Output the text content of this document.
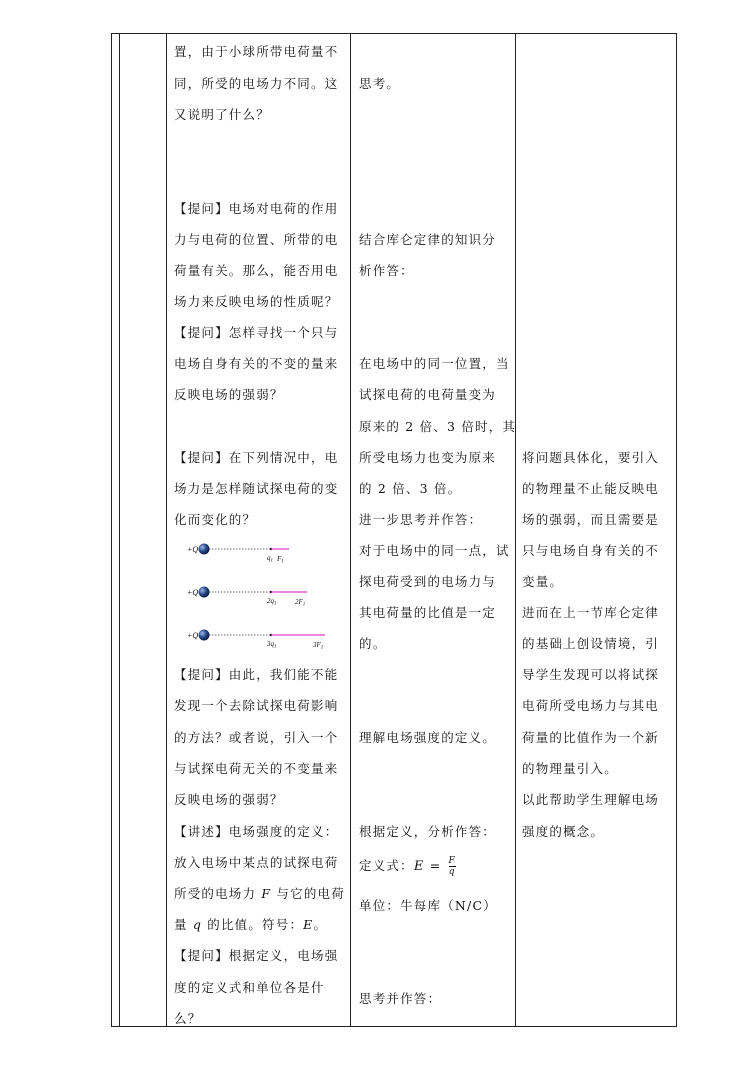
置，由于小球所带电荷量不
同，所受的电场力不同。这
又说明了什么？
【提问】电场对电荷的作用
力与电荷的位置、所带的电
荷量有关。那么，能否用电
场力来反映电场的性质呢？
【提问】怎样寻找一个只与
电场自身有关的不变的量来
反映电场的强弱？
【提问】在下列情况中，电
场力是怎样随试探电荷的变
化而变化的？
【提问】由此，我们能不能
发现一个去除试探电荷影响
的方法？或者说，引入一个
与试探电荷无关的不变量来
反映电场的强弱？
【讲述】电场强度的定义：
放入电场中某点的试探电荷
所受的电场力 F 与它的电荷
量 q 的比值。符号：E。
【提问】根据定义，电场强
度的定义式和单位各是什
么？
+Q
$q_1$ $F_1$
+Q
$2q_1$	$2F_1$
+Q
$3q_1$	$3F_1$
思考。
结合库仑定律的知识分
析作答：
在电场中的同一位置，当
试探电荷的电荷量变为
原来的 2 倍、3 倍时，其
所受电场力也变为原来
的 2 倍、3 倍。
进一步思考并作答：
对于电场中的同一点，试
探电荷受到的电场力与
其电荷量的比值是一定
的。
理解电场强度的定义。
根据定义，分析作答：
定义式：$E = \frac{F}{q}$
单位：牛每库（N/C）
思考并作答：
将问题具体化，要引入
的物理量不止能反映电
场的强弱，而且需要是
只与电场自身有关的不
变量。
进而在上一节库仑定律
的基础上创设情境，引
导学生发现可以将试探
电荷所受电场力与其电
荷量的比值作为一个新
的物理量引入。
以此帮助学生理解电场
强度的概念。
